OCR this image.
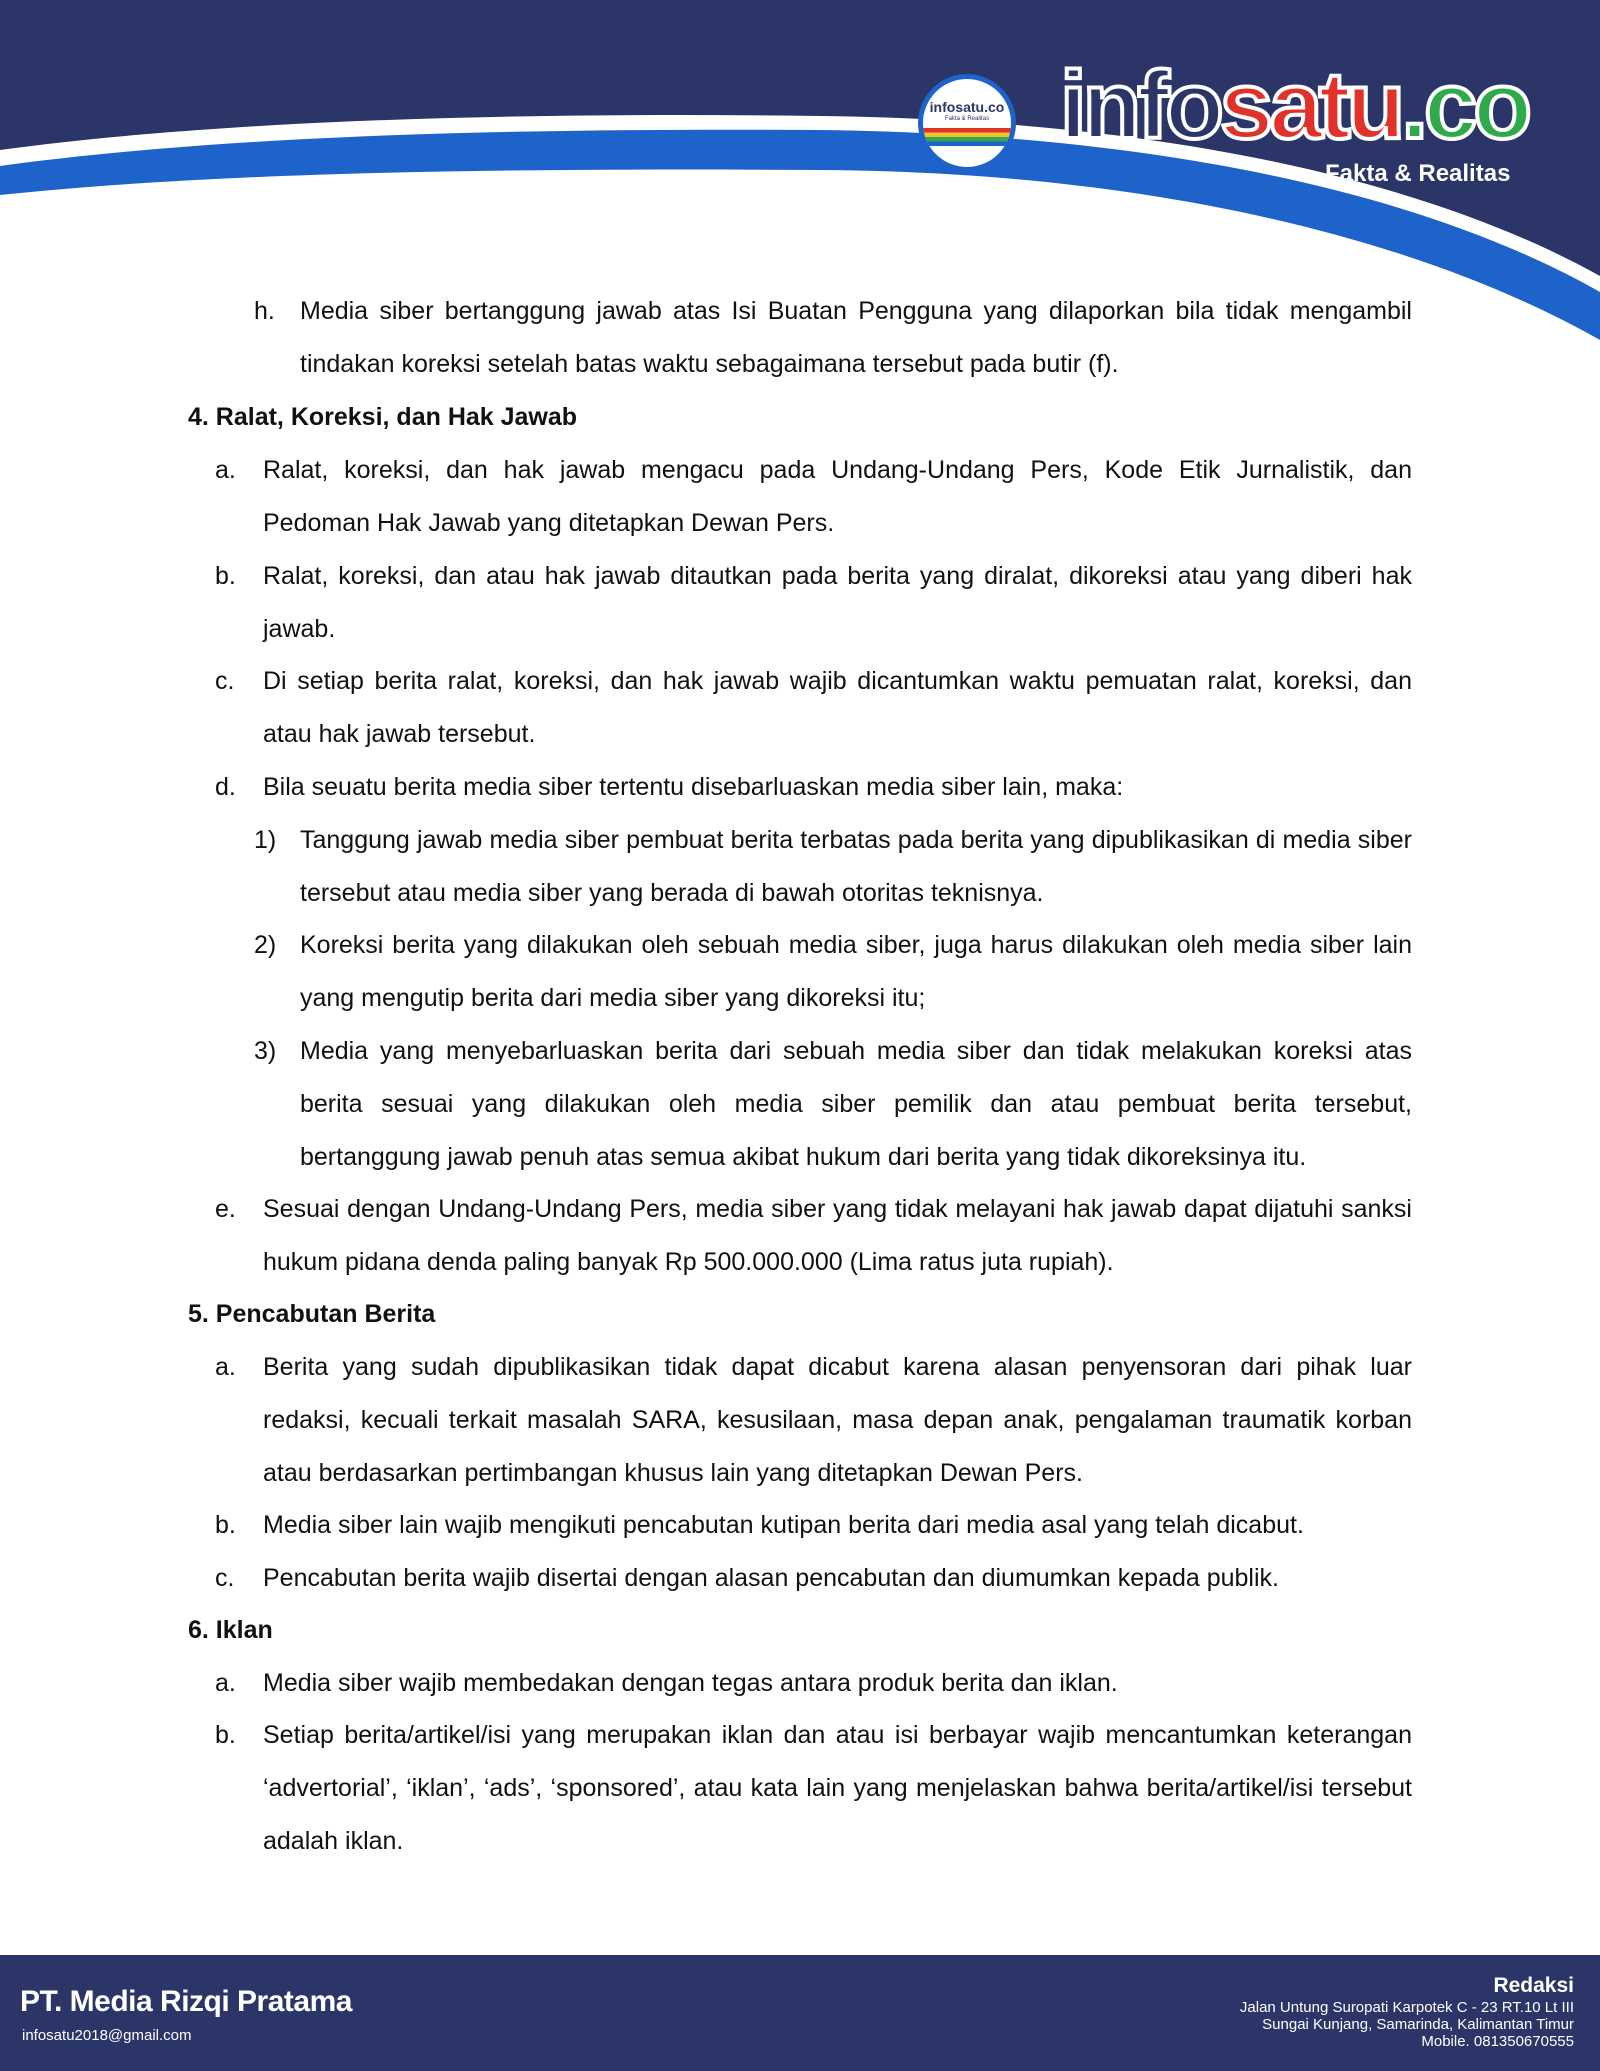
infosatu.co
Fakta & Realitas infosatu.co
Fakta & Realitas
h. Media siber bertanggung jawab atas Isi Buatan Pengguna yang dilaporkan bila tidak mengambil tindakan koreksi setelah batas waktu sebagaimana tersebut pada butir (f).
4. Ralat, Koreksi, dan Hak Jawab
a. Ralat, koreksi, dan hak jawab mengacu pada Undang-Undang Pers, Kode Etik Jurnalistik, dan Pedoman Hak Jawab yang ditetapkan Dewan Pers.
b. Ralat, koreksi, dan atau hak jawab ditautkan pada berita yang diralat, dikoreksi atau yang diberi hak jawab.
c. Di setiap berita ralat, koreksi, dan hak jawab wajib dicantumkan waktu pemuatan ralat, koreksi, dan atau hak jawab tersebut.
d. Bila seuatu berita media siber tertentu disebarluaskan media siber lain, maka:
1) Tanggung jawab media siber pembuat berita terbatas pada berita yang dipublikasikan di media siber tersebut atau media siber yang berada di bawah otoritas teknisnya.
2) Koreksi berita yang dilakukan oleh sebuah media siber, juga harus dilakukan oleh media siber lain yang mengutip berita dari media siber yang dikoreksi itu;
3) Media yang menyebarluaskan berita dari sebuah media siber dan tidak melakukan koreksi atas berita sesuai yang dilakukan oleh media siber pemilik dan atau pembuat berita tersebut, bertanggung jawab penuh atas semua akibat hukum dari berita yang tidak dikoreksinya itu.
e. Sesuai dengan Undang-Undang Pers, media siber yang tidak melayani hak jawab dapat dijatuhi sanksi hukum pidana denda paling banyak Rp 500.000.000 (Lima ratus juta rupiah).
5. Pencabutan Berita
a. Berita yang sudah dipublikasikan tidak dapat dicabut karena alasan penyensoran dari pihak luar redaksi, kecuali terkait masalah SARA, kesusilaan, masa depan anak, pengalaman traumatik korban atau berdasarkan pertimbangan khusus lain yang ditetapkan Dewan Pers.
b. Media siber lain wajib mengikuti pencabutan kutipan berita dari media asal yang telah dicabut.
c. Pencabutan berita wajib disertai dengan alasan pencabutan dan diumumkan kepada publik.
6. Iklan
a. Media siber wajib membedakan dengan tegas antara produk berita dan iklan.
b. Setiap berita/artikel/isi yang merupakan iklan dan atau isi berbayar wajib mencantumkan keterangan ‘advertorial’, ‘iklan’, ‘ads’, ‘sponsored’, atau kata lain yang menjelaskan bahwa berita/artikel/isi tersebut adalah iklan.
PT. Media Rizqi Pratama
infosatu2018@gmail.com
Redaksi
Jalan Untung Suropati Karpotek C - 23 RT.10 Lt III
Sungai Kunjang, Samarinda, Kalimantan Timur
Mobile. 081350670555
